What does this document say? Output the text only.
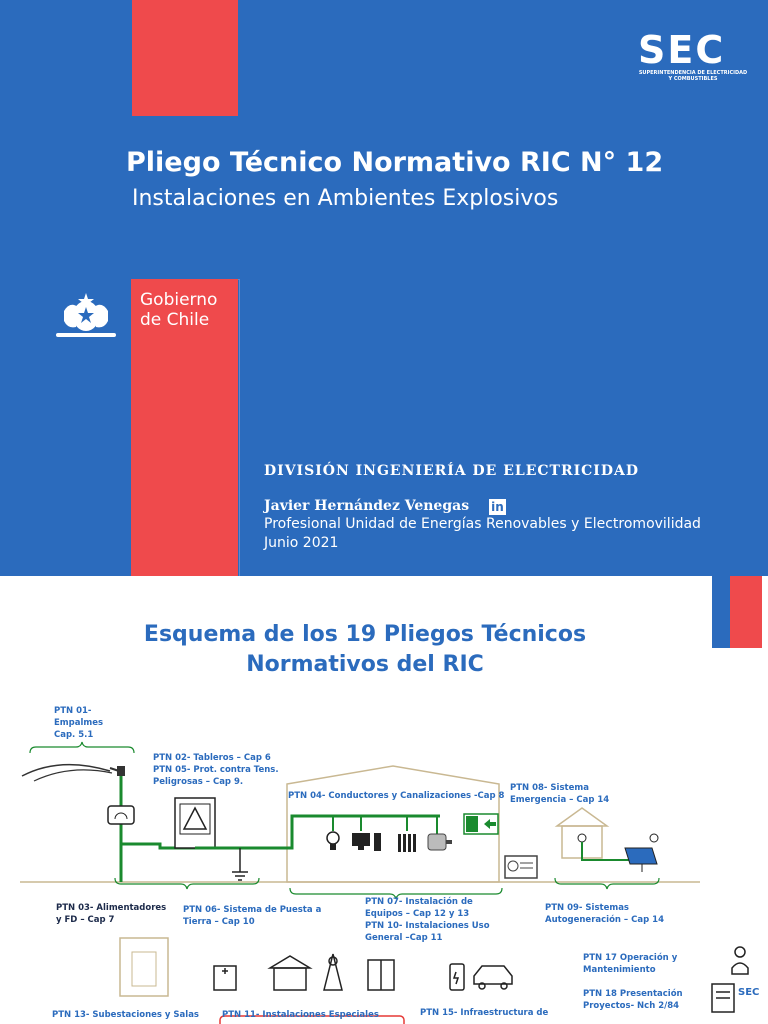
SEC
SUPERINTENDENCIA DE ELECTRICIDAD Y COMBUSTIBLES
Pliego Técnico Normativo RIC N° 12
Instalaciones en Ambientes Explosivos
Gobierno de Chile
DIVISIÓN INGENIERÍA DE ELECTRICIDAD
Javier Hernández Venegas in
Profesional Unidad de Energías Renovables y Electromovilidad
Junio 2021
Esquema de los 19 Pliegos Técnicos
Normativos del RIC
PTN 01-
Empalmes
Cap. 5.1
PTN 02- Tableros – Cap 6
PTN 05- Prot. contra Tens.
Peligrosas – Cap 9.
PTN 04- Conductores y Canalizaciones -Cap 8
PTN 08- Sistema
Emergencia – Cap 14
PTN 03- Alimentadores
y FD – Cap 7
PTN 06- Sistema de Puesta a
Tierra – Cap 10
PTN 07- Instalación de
Equipos – Cap 12 y 13
PTN 10- Instalaciones Uso
General –Cap 11
PTN 09- Sistemas
Autogeneración – Cap 14
PTN 17 Operación y
Mantenimiento
PTN 18 Presentación
Proyectos- Nch 2/84
SEC
PTN 13- Subestaciones y Salas	PTN 11- Instalaciones Especiales	PTN 15- Infraestructura de
